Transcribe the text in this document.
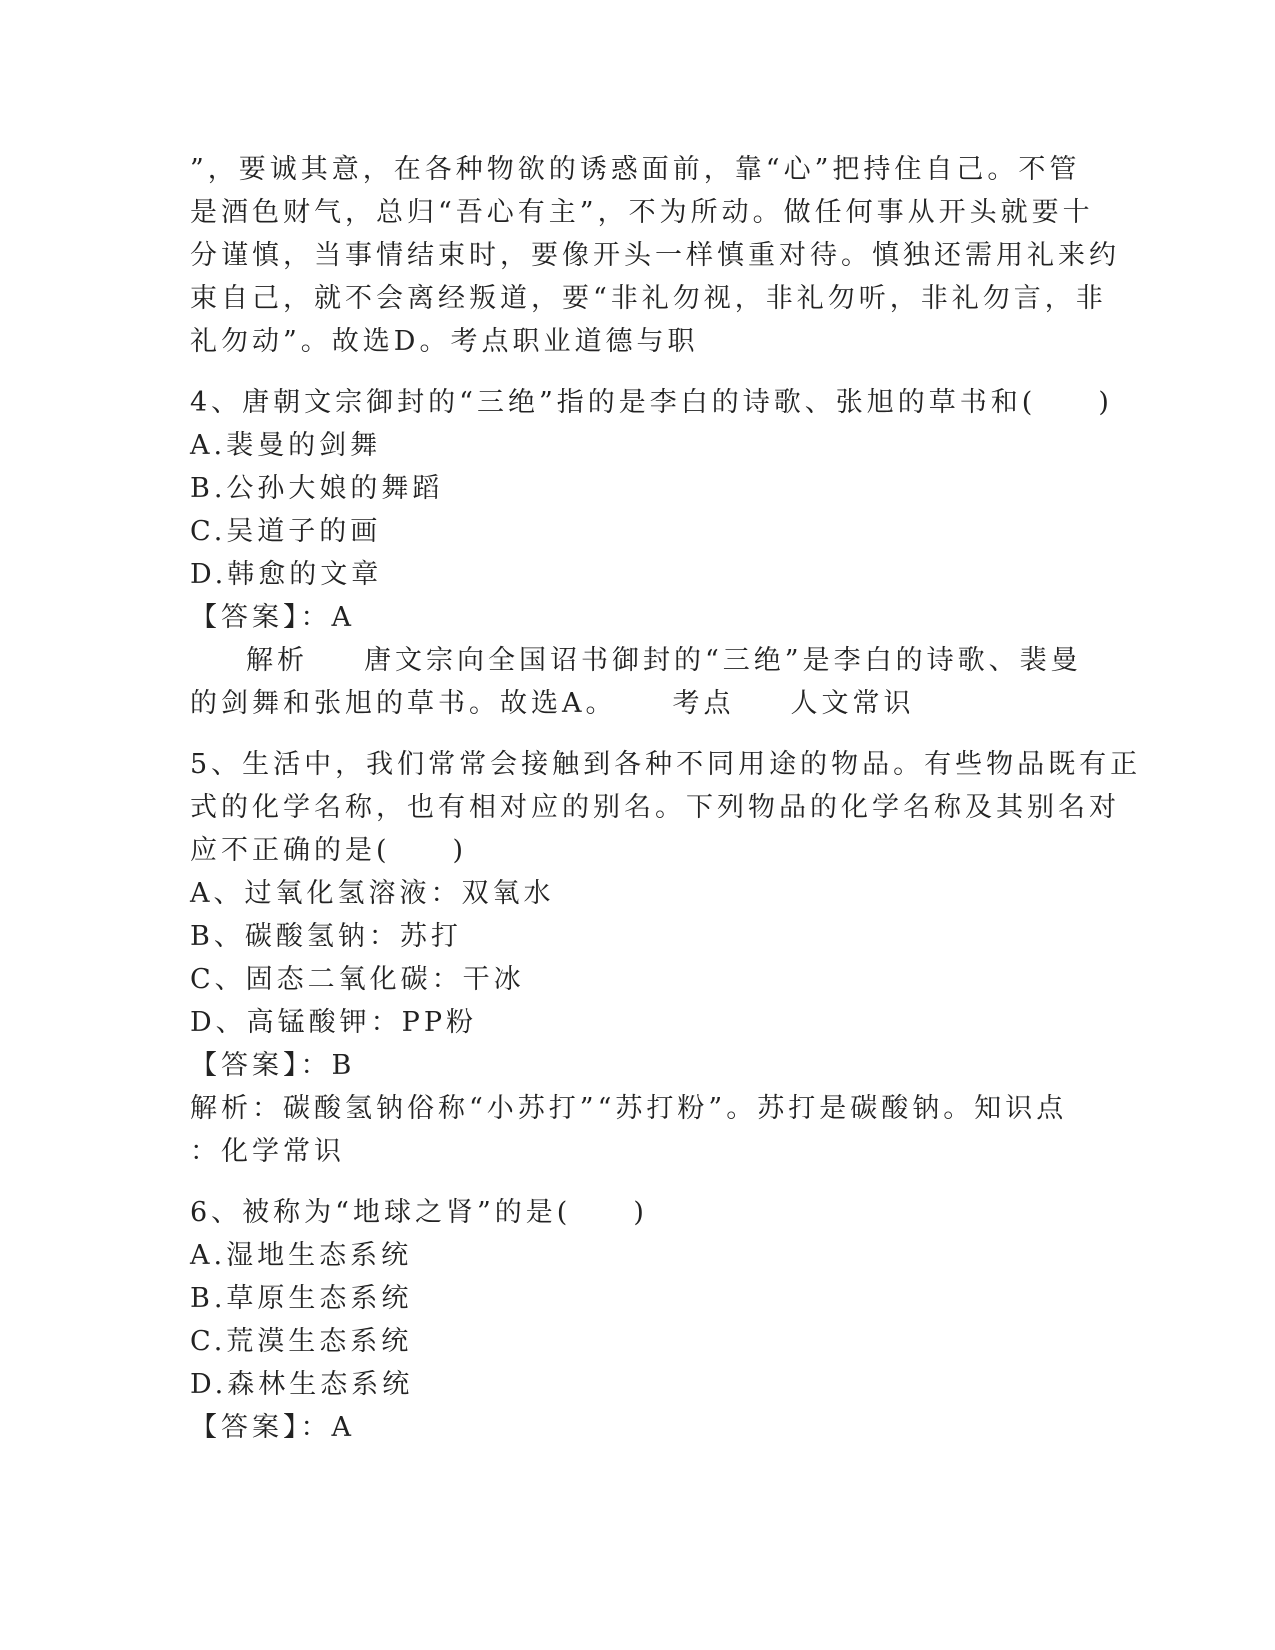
”，要诚其意，在各种物欲的诱惑面前，靠“心”把持住自己。不管

是酒色财气，总归“吾心有主”，不为所动。做任何事从开头就要十

分谨慎，当事情结束时，要像开头一样慎重对待。慎独还需用礼来约

束自己，就不会离经叛道，要“非礼勿视，非礼勿听，非礼勿言，非

礼勿动”。故选D。考点职业道德与职

4、唐朝文宗御封的“三绝”指的是李白的诗歌、张旭的草书和(　　)

A.裴曼的剑舞

B.公孙大娘的舞蹈

C.吴道子的画

D.韩愈的文章

【答案】：A

解析 唐文宗向全国诏书御封的“三绝”是李白的诗歌、裴曼

的剑舞和张旭的草书。故选A。 考点 人文常识

5、生活中，我们常常会接触到各种不同用途的物品。有些物品既有正

式的化学名称，也有相对应的别名。下列物品的化学名称及其别名对

应不正确的是(　　)

A、过氧化氢溶液：双氧水

B、碳酸氢钠：苏打

C、固态二氧化碳：干冰

D、高锰酸钾：PP粉

【答案】：B

解析：碳酸氢钠俗称“小苏打”“苏打粉”。苏打是碳酸钠。知识点

：化学常识

6、被称为“地球之肾”的是(　　)

A.湿地生态系统

B.草原生态系统

C.荒漠生态系统

D.森林生态系统

【答案】：A
